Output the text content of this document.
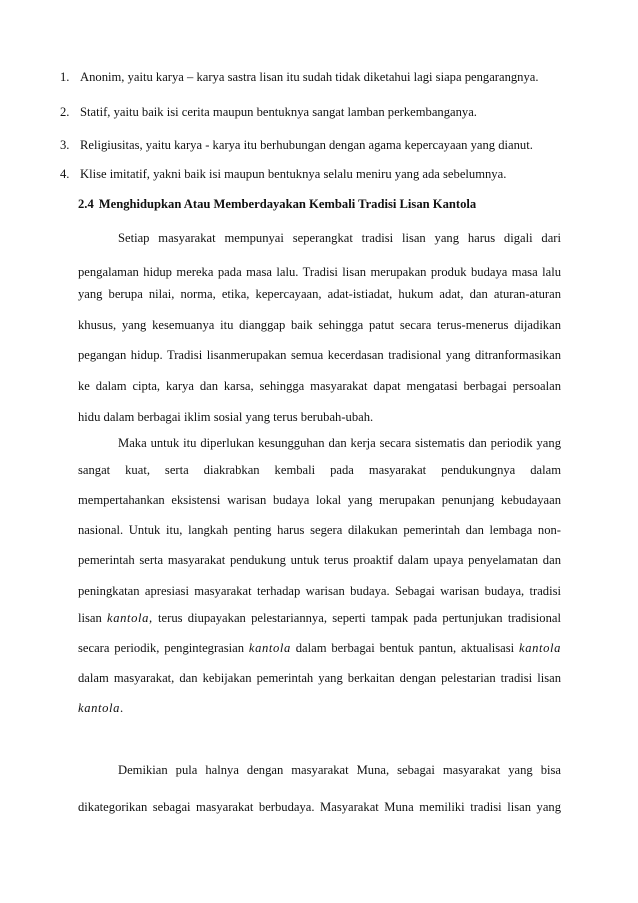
1. Anonim, yaitu karya – karya sastra lisan itu sudah tidak diketahui lagi siapa pengarangnya.
2. Statif, yaitu baik isi cerita maupun bentuknya sangat lamban perkembanganya.
3. Religiusitas, yaitu karya - karya itu berhubungan dengan agama kepercayaan yang dianut.
4. Klise imitatif, yakni baik isi maupun bentuknya selalu meniru yang ada sebelumnya.
2.4 Menghidupkan Atau Memberdayakan Kembali Tradisi Lisan Kantola
Setiap masyarakat mempunyai seperangkat tradisi lisan yang harus digali dari
pengalaman hidup mereka pada masa lalu. Tradisi lisan merupakan produk budaya masa lalu
yang berupa nilai, norma, etika, kepercayaan, adat-istiadat, hukum adat, dan aturan-aturan
khusus, yang kesemuanya itu dianggap baik sehingga patut secara terus-menerus dijadikan
pegangan hidup. Tradisi lisanmerupakan semua kecerdasan tradisional yang ditranformasikan
ke dalam cipta, karya dan karsa, sehingga masyarakat dapat mengatasi berbagai persoalan
hidu dalam berbagai iklim sosial yang terus berubah-ubah.
Maka untuk itu diperlukan kesungguhan dan kerja secara sistematis dan periodik yang
sangat kuat, serta diakrabkan kembali pada masyarakat pendukungnya dalam
mempertahankan eksistensi warisan budaya lokal yang merupakan penunjang kebudayaan
nasional. Untuk itu, langkah penting harus segera dilakukan pemerintah dan lembaga non-
pemerintah serta masyarakat pendukung untuk terus proaktif dalam upaya penyelamatan dan
peningkatan apresiasi masyarakat terhadap warisan budaya. Sebagai warisan budaya, tradisi
lisan kantola, terus diupayakan pelestariannya, seperti tampak pada pertunjukan tradisional
secara periodik, pengintegrasian kantola dalam berbagai bentuk pantun, aktualisasi kantola
dalam masyarakat, dan kebijakan pemerintah yang berkaitan dengan pelestarian tradisi lisan
kantola.
Demikian pula halnya dengan masyarakat Muna, sebagai masyarakat yang bisa
dikategorikan sebagai masyarakat berbudaya. Masyarakat Muna memiliki tradisi lisan yang
